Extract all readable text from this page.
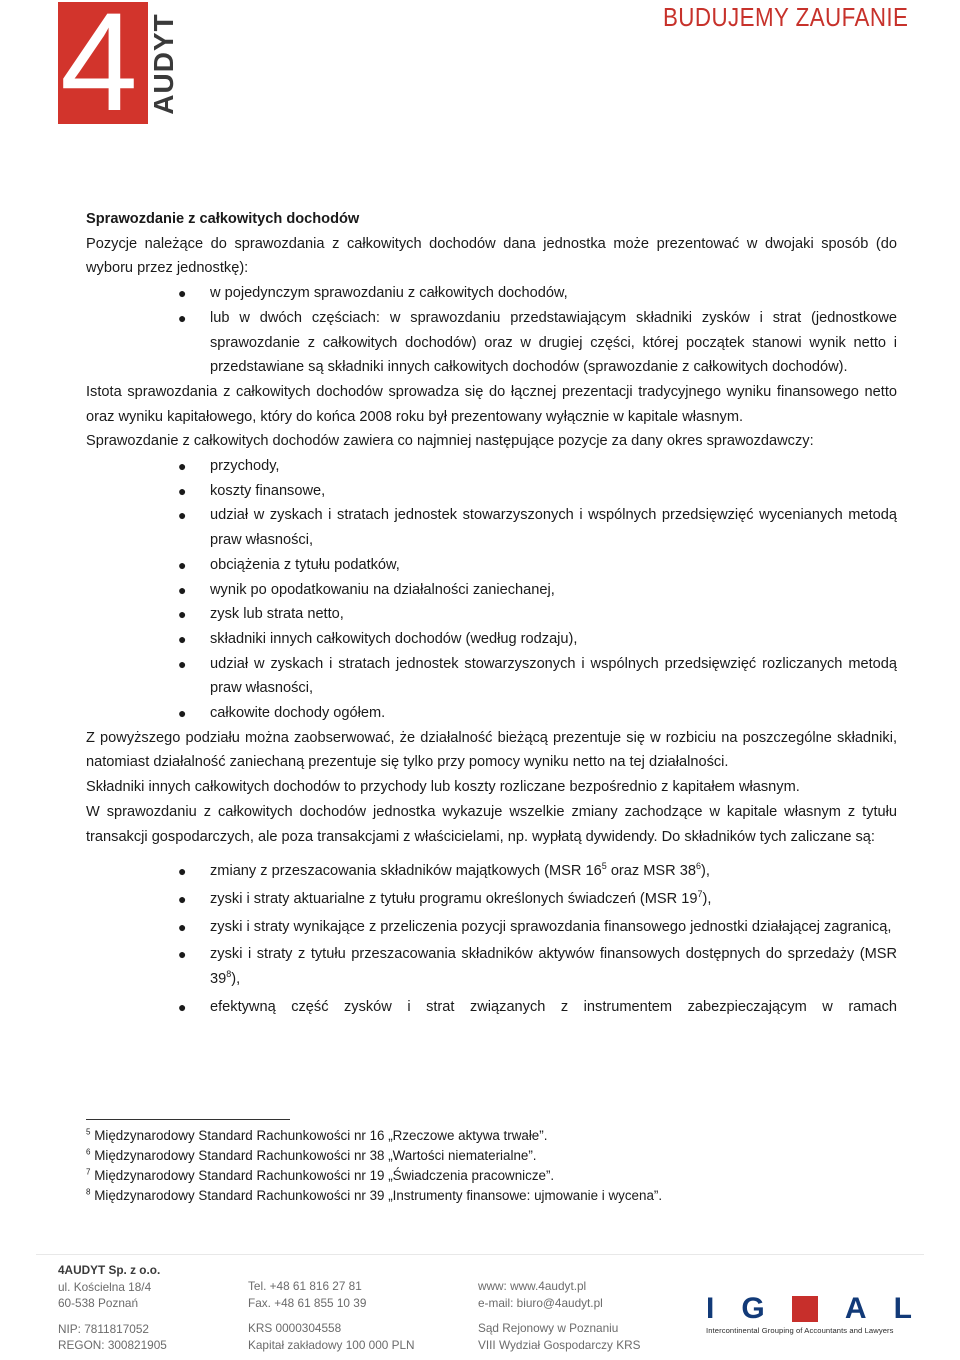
4 AUDYT	BUDUJEMY ZAUFANIE

Sprawozdanie z całkowitych dochodów

Pozycje należące do sprawozdania z całkowitych dochodów dana jednostka może prezentować w dwojaki sposób (do wyboru przez jednostkę):

● w pojedynczym sprawozdaniu z całkowitych dochodów,
● lub w dwóch częściach: w sprawozdaniu przedstawiającym składniki zysków i strat (jednostkowe sprawozdanie z całkowitych dochodów) oraz w drugiej części, której początek stanowi wynik netto i przedstawiane są składniki innych całkowitych dochodów (sprawozdanie z całkowitych dochodów).

Istota sprawozdania z całkowitych dochodów sprowadza się do łącznej prezentacji tradycyjnego wyniku finansowego netto oraz wyniku kapitałowego, który do końca 2008 roku był prezentowany wyłącznie w kapitale własnym.

Sprawozdanie z całkowitych dochodów zawiera co najmniej następujące pozycje za dany okres sprawozdawczy:

● przychody,
● koszty finansowe,
● udział w zyskach i stratach jednostek stowarzyszonych i wspólnych przedsięwzięć wycenianych metodą praw własności,
● obciążenia z tytułu podatków,
● wynik po opodatkowaniu na działalności zaniechanej,
● zysk lub strata netto,
● składniki innych całkowitych dochodów (według rodzaju),
● udział w zyskach i stratach jednostek stowarzyszonych i wspólnych przedsięwzięć rozliczanych metodą praw własności,
● całkowite dochody ogółem.

Z powyższego podziału można zaobserwować, że działalność bieżącą prezentuje się w rozbiciu na poszczególne składniki, natomiast działalność zaniechaną prezentuje się tylko przy pomocy wyniku netto na tej działalności.

Składniki innych całkowitych dochodów to przychody lub koszty rozliczane bezpośrednio z kapitałem własnym.

W sprawozdaniu z całkowitych dochodów jednostka wykazuje wszelkie zmiany zachodzące w kapitale własnym z tytułu transakcji gospodarczych, ale poza transakcjami z właścicielami, np. wypłatą dywidendy. Do składników tych zaliczane są:

● zmiany z przeszacowania składników majątkowych (MSR $16^5$ oraz MSR $38^6$),
● zyski i straty aktuarialne z tytułu programu określonych świadczeń (MSR $19^7$),
● zyski i straty wynikające z przeliczenia pozycji sprawozdania finansowego jednostki działającej zagranicą,
● zyski i straty z tytułu przeszacowania składników aktywów finansowych dostępnych do sprzedaży (MSR $39^8$),
● efektywną część zysków i strat związanych z instrumentem zabezpieczającym w ramach
$^5$ Międzynarodowy Standard Rachunkowości nr 16 „Rzeczowe aktywa trwałe”.
$^6$ Międzynarodowy Standard Rachunkowości nr 38 „Wartości niematerialne”.
$^7$ Międzynarodowy Standard Rachunkowości nr 19 „Świadczenia pracownicze”.
$^8$ Międzynarodowy Standard Rachunkowości nr 39 „Instrumenty finansowe: ujmowanie i wycena”.
4AUDYT Sp. z o.o.
ul. Kościelna 18/4
60-538 Poznań
NIP: 7811817052
REGON: 300821905
Tel. +48 61 816 27 81
Fax. +48 61 855 10 39
KRS 0000304558
Kapitał zakładowy 100 000 PLN
www: www.4audyt.pl
e-mail: biuro@4audyt.pl
Sąd Rejonowy w Poznaniu
VIII Wydział Gospodarczy KRS
I G	A L
Intercontinental Grouping of Accountants and Lawyers
